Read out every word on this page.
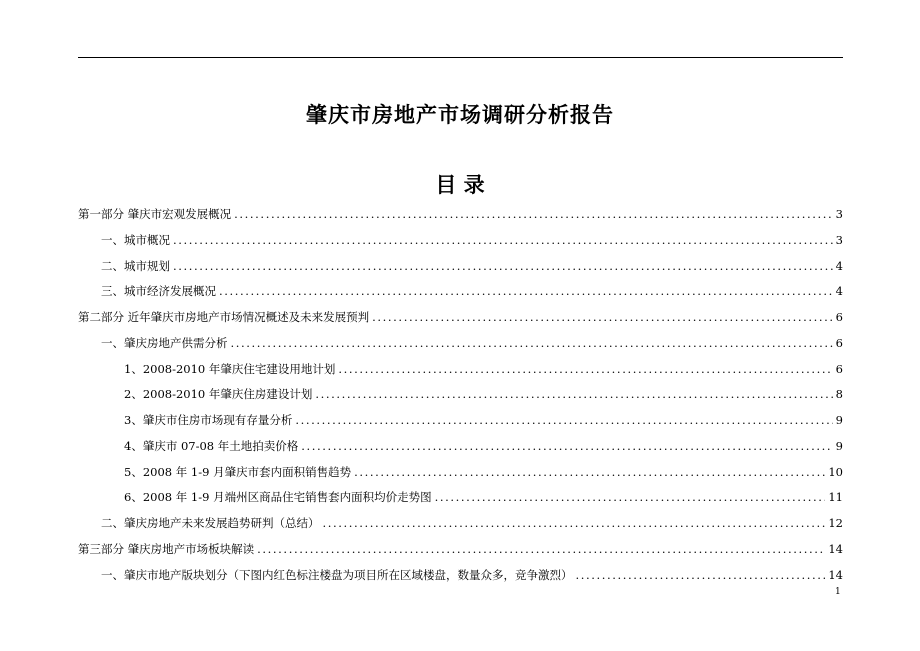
肇庆市房地产市场调研分析报告
目 录
第一部分 肇庆市宏观发展概况 .....	3
一、城市概况 .....	3
二、城市规划 .....	4
三、城市经济发展概况 .....	4
第二部分 近年肇庆市房地产市场情况概述及未来发展预判 .....	6
一、肇庆房地产供需分析 .....	6
1、2008-2010 年肇庆住宅建设用地计划 .....	6
2、2008-2010 年肇庆住房建设计划 .....	8
3、肇庆市住房市场现有存量分析 .....	9
4、肇庆市 07-08 年土地拍卖价格 .....	9
5、2008 年 1-9 月肇庆市套内面积销售趋势 .....	10
6、2008 年 1-9 月端州区商品住宅销售套内面积均价走势图 .....	11
二、肇庆房地产未来发展趋势研判（总结） .....	12
第三部分 肇庆房地产市场板块解读 .....	14
一、肇庆市地产版块划分（下图内红色标注楼盘为项目所在区域楼盘，数量众多，竞争激烈） .....	14
1
